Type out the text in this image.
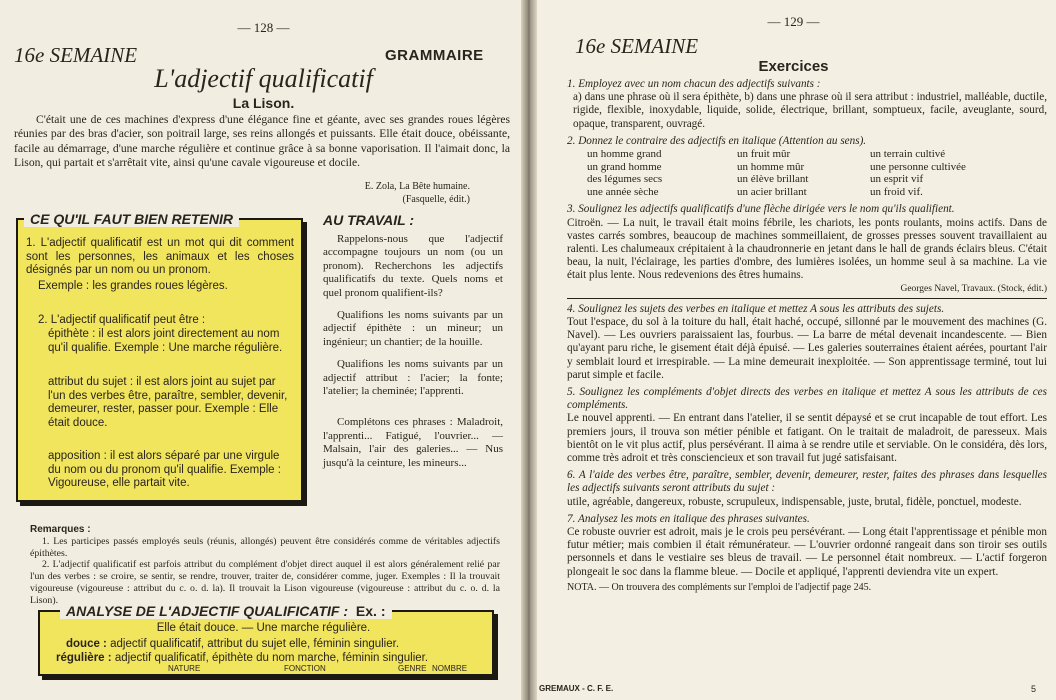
— 128 —
16e SEMAINE	GRAMMAIRE
L'adjectif qualificatif
La Lison.
C'était une de ces machines d'express d'une élégance fine et géante, avec ses grandes roues légères réunies par des bras d'acier, son poitrail large, ses reins allongés et puissants. Elle était douce, obéissante, facile au démarrage, d'une marche régulière et continue grâce à sa bonne vaporisation. Il l'aimait donc, la Lison, qui partait et s'arrêtait vite, ainsi qu'une cavale vigoureuse et docile.
E. Zola, La Bête humaine.
(Fasquelle, édit.)
CE QU'IL FAUT BIEN RETENIR
1. L'adjectif qualificatif est un mot qui dit comment sont les personnes, les animaux et les choses désignés par un nom ou un pronom.
Exemple : les grandes roues légères.
2. L'adjectif qualificatif peut être :
épithète : il est alors joint directement au nom qu'il qualifie. Exemple : Une marche régulière.
attribut du sujet : il est alors joint au sujet par l'un des verbes être, paraître, sembler, devenir, demeurer, rester, passer pour. Exemple : Elle était douce.
apposition : il est alors séparé par une virgule du nom ou du pronom qu'il qualifie. Exemple : Vigoureuse, elle partait vite.
AU TRAVAIL :

Rappelons-nous que l'adjectif accompagne toujours un nom (ou un pronom). Recherchons les adjectifs qualificatifs du texte. Quels noms et quel pronom qualifient-ils?

Qualifions les noms suivants par un adjectif épithète : un mineur; un ingénieur; un chantier; de la houille.

Qualifions les noms suivants par un adjectif attribut : l'acier; la fonte; l'atelier; la cheminée; l'apprenti.

Complétons ces phrases : Maladroit, l'apprenti... Fatigué, l'ouvrier... — Malsain, l'air des galeries... — Nus jusqu'à la ceinture, les mineurs...

Remarques :
1. Les participes passés employés seuls (réunis, allongés) peuvent être considérés comme de véritables adjectifs épithètes.
2. L'adjectif qualificatif est parfois attribut du complément d'objet direct auquel il est alors généralement relié par l'un des verbes : se croire, se sentir, se rendre, trouver, traiter de, considérer comme, juger. Exemples : Il la trouvait vigoureuse (vigoureuse : attribut du c. o. d. la). Il trouvait la Lison vigoureuse (vigoureuse : attribut du c. o. d. la Lison).
ANALYSE DE L'ADJECTIF QUALIFICATIF : Ex. :
Elle était douce. — Une marche régulière.
douce : adjectif qualificatif, attribut du sujet elle, féminin singulier.
régulière : adjectif qualificatif, épithète du nom marche, féminin singulier.
NATURE	FONCTION	GENRE NOMBRE
— 129 —
16e SEMAINE
Exercices
1. Employez avec un nom chacun des adjectifs suivants :
a) dans une phrase où il sera épithète, b) dans une phrase où il sera attribut : industriel, malléable, ductile, rigide, flexible, inoxydable, liquide, solide, électrique, brillant, somptueux, facile, aveuglante, sourd, opaque, transparent, ouvragé.
2. Donnez le contraire des adjectifs en italique (Attention au sens).
un homme grand	un fruit mûr	un terrain cultivé
un grand homme	un homme mûr	une personne cultivée
des légumes secs	un élève brillant	un esprit vif
une année sèche	un acier brillant	un froid vif.
3. Soulignez les adjectifs qualificatifs d'une flèche dirigée vers le nom qu'ils qualifient.
Citroën. — La nuit, le travail était moins fébrile, les chariots, les ponts roulants, moins actifs. Dans de vastes carrés sombres, beaucoup de machines sommeillaient, de grosses presses souvent travaillaient au ralenti. Les chalumeaux crépitaient à la chaudronnerie en jetant dans le hall de grands éclairs bleus. C'était beau, la nuit, l'éclairage, les parties d'ombre, des lumières isolées, un homme seul à sa machine. La vie était plus lente. Nous redevenions des êtres humains.
Georges Navel, Travaux. (Stock, édit.)
4. Soulignez les sujets des verbes en italique et mettez A sous les attributs des sujets.
Tout l'espace, du sol à la toiture du hall, était haché, occupé, sillonné par le mouvement des machines (G. Navel). — Les ouvriers paraissaient las, fourbus. — La barre de métal devenait incandescente. — Bien qu'ayant paru riche, le gisement était déjà épuisé. — Les galeries souterraines étaient aérées, pourtant l'air y semblait lourd et irrespirable. — La mine demeurait inexploitée. — Son apprentissage terminé, tout lui parut simple et facile.
5. Soulignez les compléments d'objet directs des verbes en italique et mettez A sous les attributs de ces compléments.
Le nouvel apprenti. — En entrant dans l'atelier, il se sentit dépaysé et se crut incapable de tout effort. Les premiers jours, il trouva son métier pénible et fatigant. On le traitait de maladroit, de paresseux. Mais bientôt on le vit plus actif, plus persévérant. Il aima à se rendre utile et serviable. On le considéra, dès lors, comme très adroit et très consciencieux et son travail fut jugé satisfaisant.
6. A l'aide des verbes être, paraître, sembler, devenir, demeurer, rester, faites des phrases dans lesquelles les adjectifs suivants seront attributs du sujet :
utile, agréable, dangereux, robuste, scrupuleux, indispensable, juste, brutal, fidèle, ponctuel, modeste.
7. Analysez les mots en italique des phrases suivantes.
Ce robuste ouvrier est adroit, mais je le crois peu persévérant. — Long était l'apprentissage et pénible mon futur métier; mais combien il était rémunérateur. — L'ouvrier ordonné rangeait dans son tiroir ses outils personnels et dans le vestiaire ses bleus de travail. — Le personnel était nombreux. — L'actif forgeron plongeait le soc dans la flamme bleue. — Docile et appliqué, l'apprenti deviendra vite un expert.
NOTA. — On trouvera des compléments sur l'emploi de l'adjectif page 245.
GREMAUX - C. F. E.	5
